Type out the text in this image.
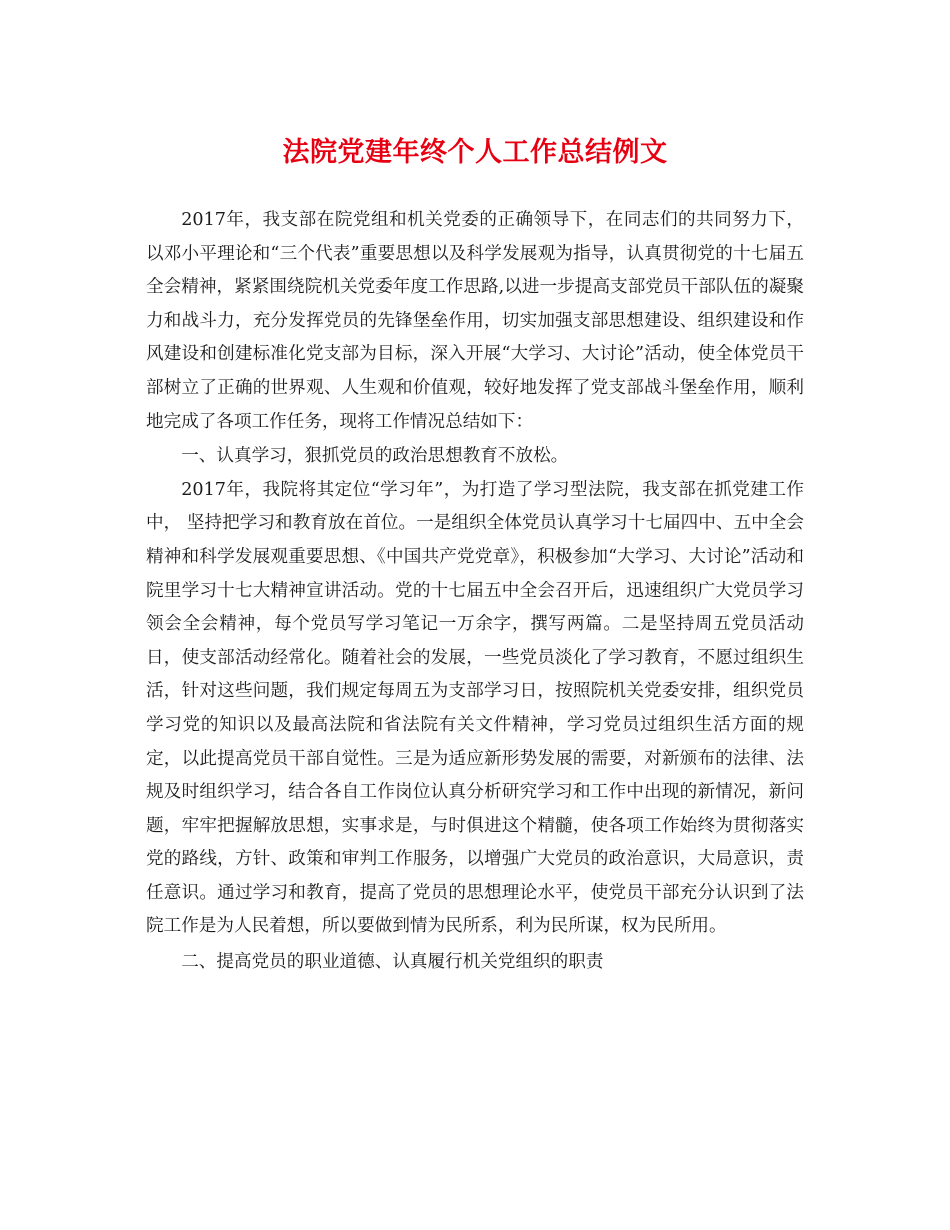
法院党建年终个人工作总结例文

2017年，我支部在院党组和机关党委的正确领导下，在同志们的共同努力下，以邓小平理论和“三个代表”重要思想以及科学发展观为指导，认真贯彻党的十七届五全会精神，紧紧围绕院机关党委年度工作思路,以进一步提高支部党员干部队伍的凝聚力和战斗力，充分发挥党员的先锋堡垒作用，切实加强支部思想建设、组织建设和作风建设和创建标准化党支部为目标，深入开展“大学习、大讨论”活动，使全体党员干部树立了正确的世界观、人生观和价值观，较好地发挥了党支部战斗堡垒作用，顺利地完成了各项工作任务，现将工作情况总结如下：

一、认真学习，狠抓党员的政治思想教育不放松。

2017年，我院将其定位“学习年”，为打造了学习型法院，我支部在抓党建工作中， 坚持把学习和教育放在首位。一是组织全体党员认真学习十七届四中、五中全会精神和科学发展观重要思想、《中国共产党党章》，积极参加“大学习、大讨论”活动和院里学习十七大精神宣讲活动。党的十七届五中全会召开后，迅速组织广大党员学习领会全会精神，每个党员写学习笔记一万余字，撰写两篇。二是坚持周五党员活动日，使支部活动经常化。随着社会的发展，一些党员淡化了学习教育，不愿过组织生活，针对这些问题，我们规定每周五为支部学习日，按照院机关党委安排，组织党员学习党的知识以及最高法院和省法院有关文件精神，学习党员过组织生活方面的规定，以此提高党员干部自觉性。三是为适应新形势发展的需要，对新颁布的法律、法规及时组织学习，结合各自工作岗位认真分析研究学习和工作中出现的新情况，新问题，牢牢把握解放思想，实事求是，与时俱进这个精髓，使各项工作始终为贯彻落实党的路线，方针、政策和审判工作服务，以增强广大党员的政治意识，大局意识，责任意识。通过学习和教育，提高了党员的思想理论水平，使党员干部充分认识到了法院工作是为人民着想，所以要做到情为民所系，利为民所谋，权为民所用。

二、提高党员的职业道德、认真履行机关党组织的职责
